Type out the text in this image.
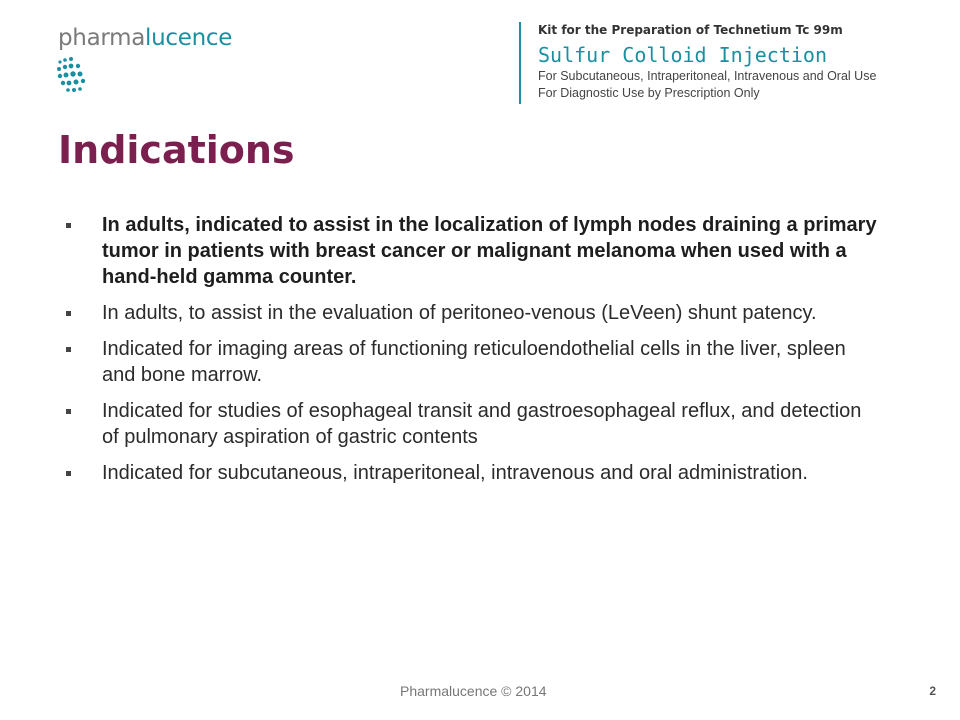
pharmalucence	Kit for the Preparation of Technetium Tc 99m
Sulfur Colloid Injection
For Subcutaneous, Intraperitoneal, Intravenous and Oral Use
For Diagnostic Use by Prescription Only
Indications
In adults, indicated to assist in the localization of lymph nodes draining a primary tumor in patients with breast cancer or malignant melanoma when used with a hand-held gamma counter.
In adults, to assist in the evaluation of peritoneo-venous (LeVeen) shunt patency.
Indicated for imaging areas of functioning reticuloendothelial cells in the liver, spleen and bone marrow.
Indicated for studies of esophageal transit and gastroesophageal reflux, and detection of pulmonary aspiration of gastric contents
Indicated for subcutaneous, intraperitoneal, intravenous and oral administration.
Pharmalucence © 2014	2
